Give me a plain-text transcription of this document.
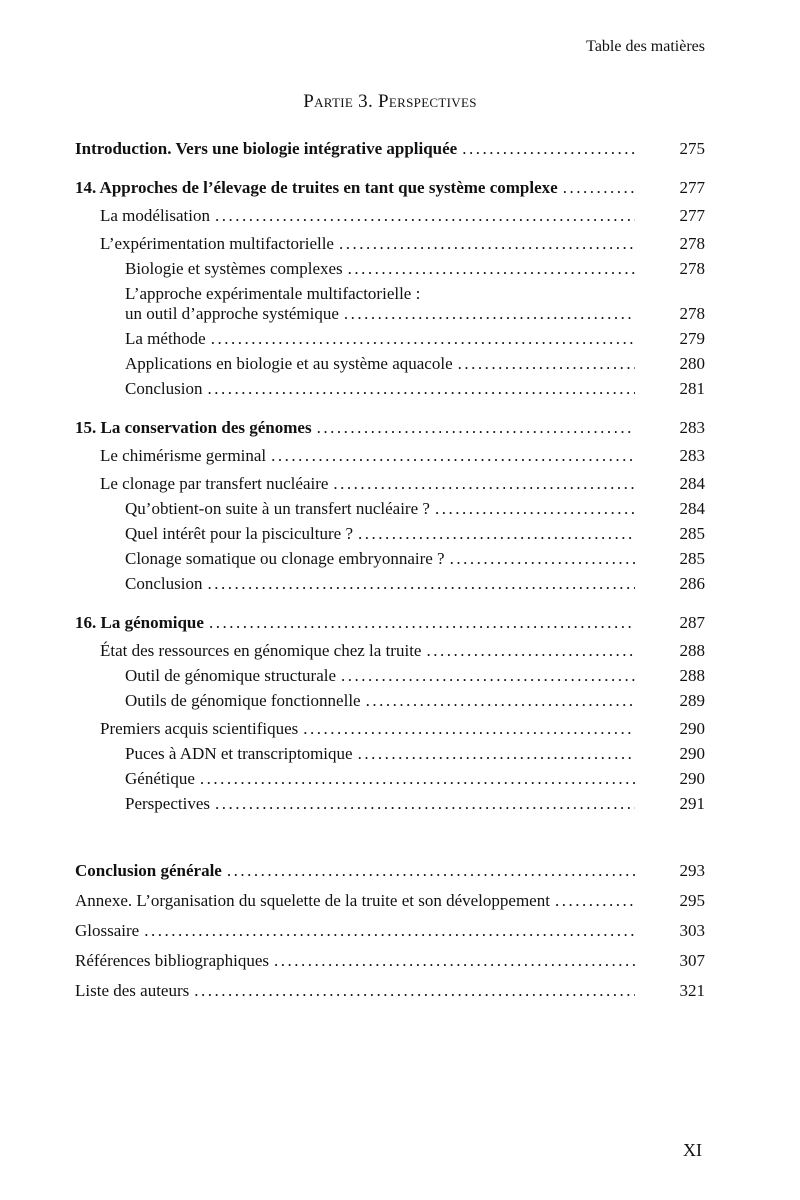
Table des matières
Partie 3. Perspectives
Introduction. Vers une biologie intégrative appliquée .....	275
14. Approches de l’élevage de truites en tant que système complexe .....	277
La modélisation .....	277
L’expérimentation multifactorielle .....	278
Biologie et systèmes complexes .....	278
L’approche expérimentale multifactorielle :
un outil d’approche systémique .....	278
La méthode .....	279
Applications en biologie et au système aquacole .....	280
Conclusion .....	281
15. La conservation des génomes .....	283
Le chimérisme germinal .....	283
Le clonage par transfert nucléaire .....	284
Qu’obtient-on suite à un transfert nucléaire ? .....	284
Quel intérêt pour la pisciculture ? .....	285
Clonage somatique ou clonage embryonnaire ? .....	285
Conclusion .....	286
16. La génomique .....	287
État des ressources en génomique chez la truite .....	288
Outil de génomique structurale .....	288
Outils de génomique fonctionnelle .....	289
Premiers acquis scientifiques .....	290
Puces à ADN et transcriptomique .....	290
Génétique .....	290
Perspectives .....	291
Conclusion générale .....	293
Annexe. L’organisation du squelette de la truite et son développement .....	295
Glossaire .....	303
Références bibliographiques .....	307
Liste des auteurs .....	321
XI
